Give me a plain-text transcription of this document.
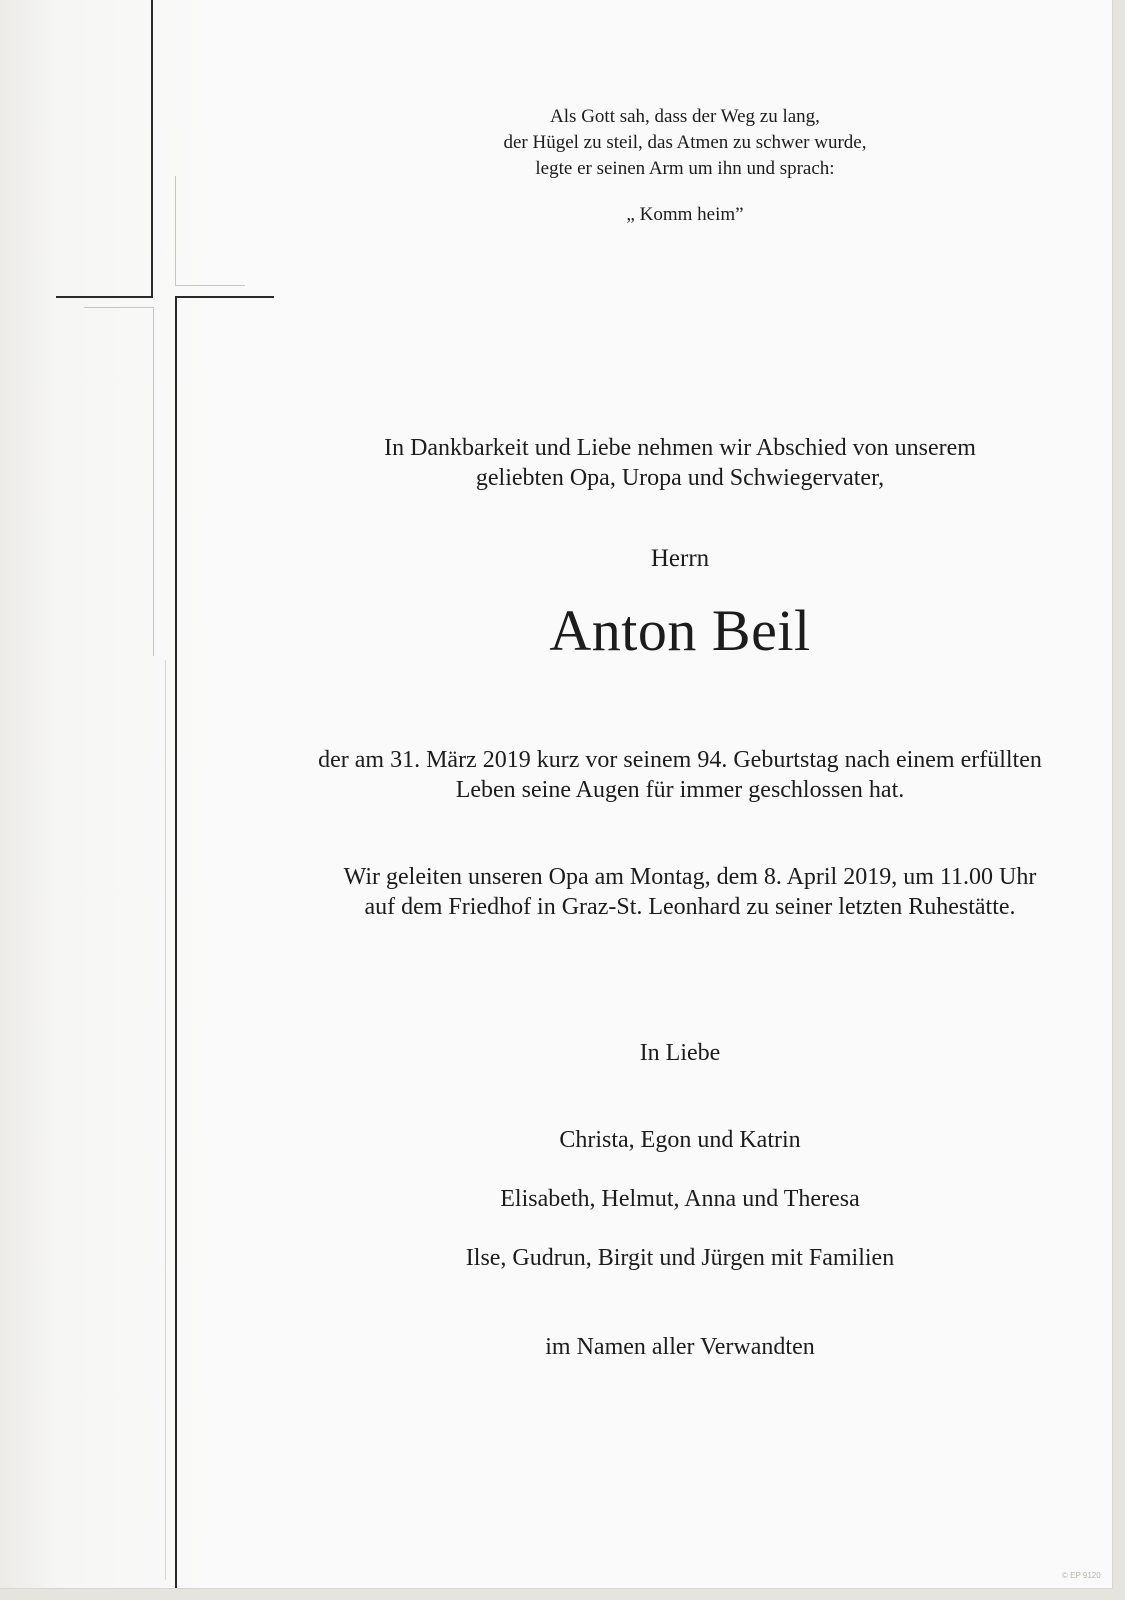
Als Gott sah, dass der Weg zu lang,
der Hügel zu steil, das Atmen zu schwer wurde,
legte er seinen Arm um ihn und sprach:
„ Komm heim”
In Dankbarkeit und Liebe nehmen wir Abschied von unserem
geliebten Opa, Uropa und Schwiegervater,
Herrn
Anton Beil
der am 31. März 2019 kurz vor seinem 94. Geburtstag nach einem erfüllten
Leben seine Augen für immer geschlossen hat.
Wir geleiten unseren Opa am Montag, dem 8. April 2019, um 11.00 Uhr
auf dem Friedhof in Graz-St. Leonhard zu seiner letzten Ruhestätte.
In Liebe
Christa, Egon und Katrin
Elisabeth, Helmut, Anna und Theresa
Ilse, Gudrun, Birgit und Jürgen mit Familien
im Namen aller Verwandten
© EP 9120
